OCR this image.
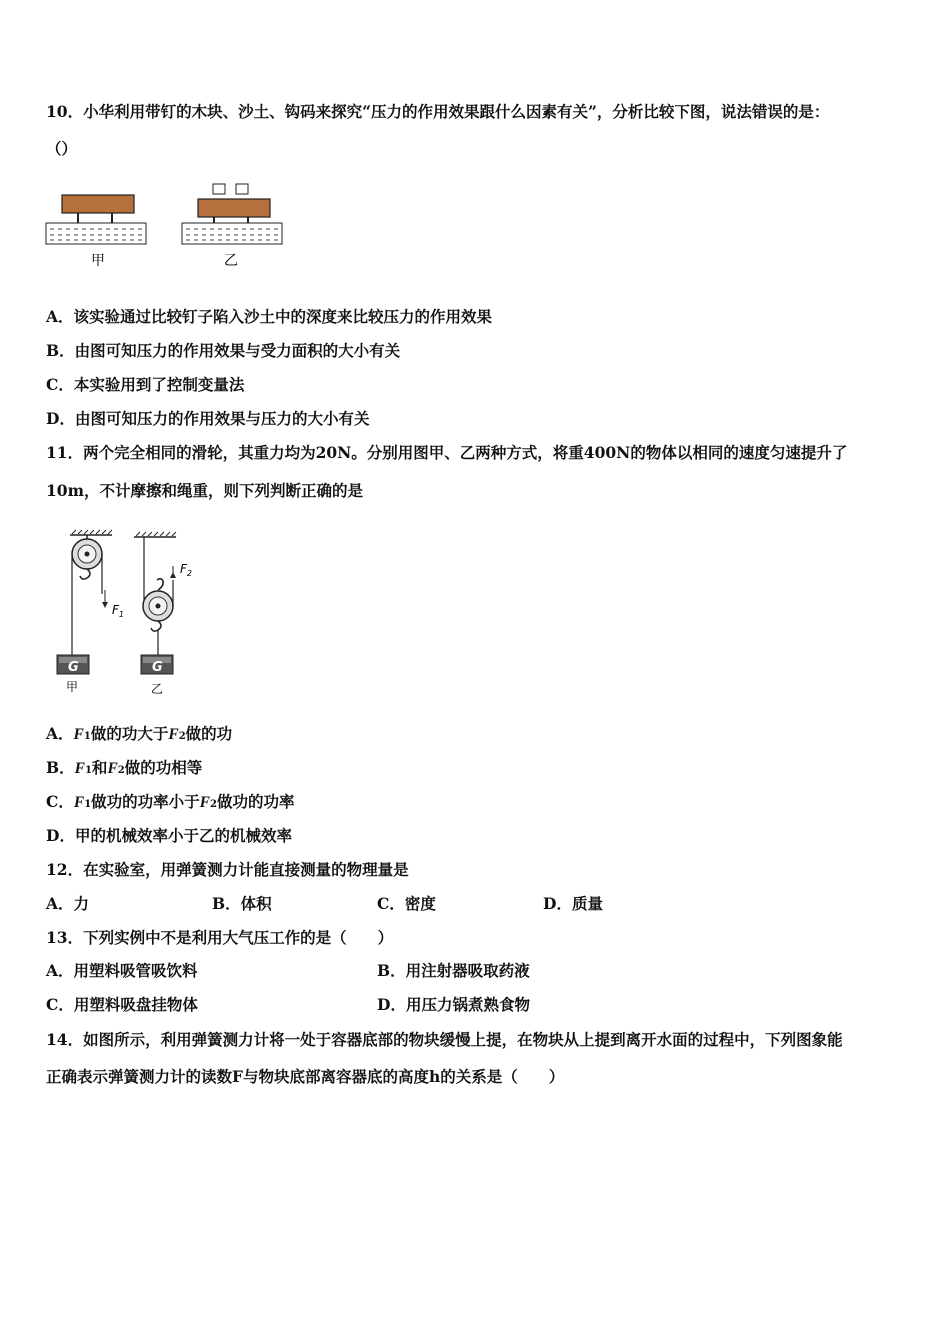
10．小华利用带钉的木块、沙土、钩码来探究“压力的作用效果跟什么因素有关”，分析比较下图，说法错误的是：
（）
甲	乙
A．该实验通过比较钉子陷入沙土中的深度来比较压力的作用效果
B．由图可知压力的作用效果与受力面积的大小有关
C．本实验用到了控制变量法
D．由图可知压力的作用效果与压力的大小有关
11．两个完全相同的滑轮，其重力均为20N。分别用图甲、乙两种方式，将重400N的物体以相同的速度匀速提升了
10m，不计摩擦和绳重，则下列判断正确的是
$F_1$
G
甲
$F_2$
G
乙
A．F1做的功大于F2做的功
B．F1和F2做的功相等
C．F1做功的功率小于F2做功的功率
D．甲的机械效率小于乙的机械效率
12．在实验室，用弹簧测力计能直接测量的物理量是
A．力	B．体积	C．密度	D．质量
13．下列实例中不是利用大气压工作的是（　　）
A．用塑料吸管吸饮料	B．用注射器吸取药液
C．用塑料吸盘挂物体	D．用压力锅煮熟食物
14．如图所示，利用弹簧测力计将一处于容器底部的物块缓慢上提，在物块从上提到离开水面的过程中，下列图象能
正确表示弹簧测力计的读数F与物块底部离容器底的高度h的关系是（　　）
